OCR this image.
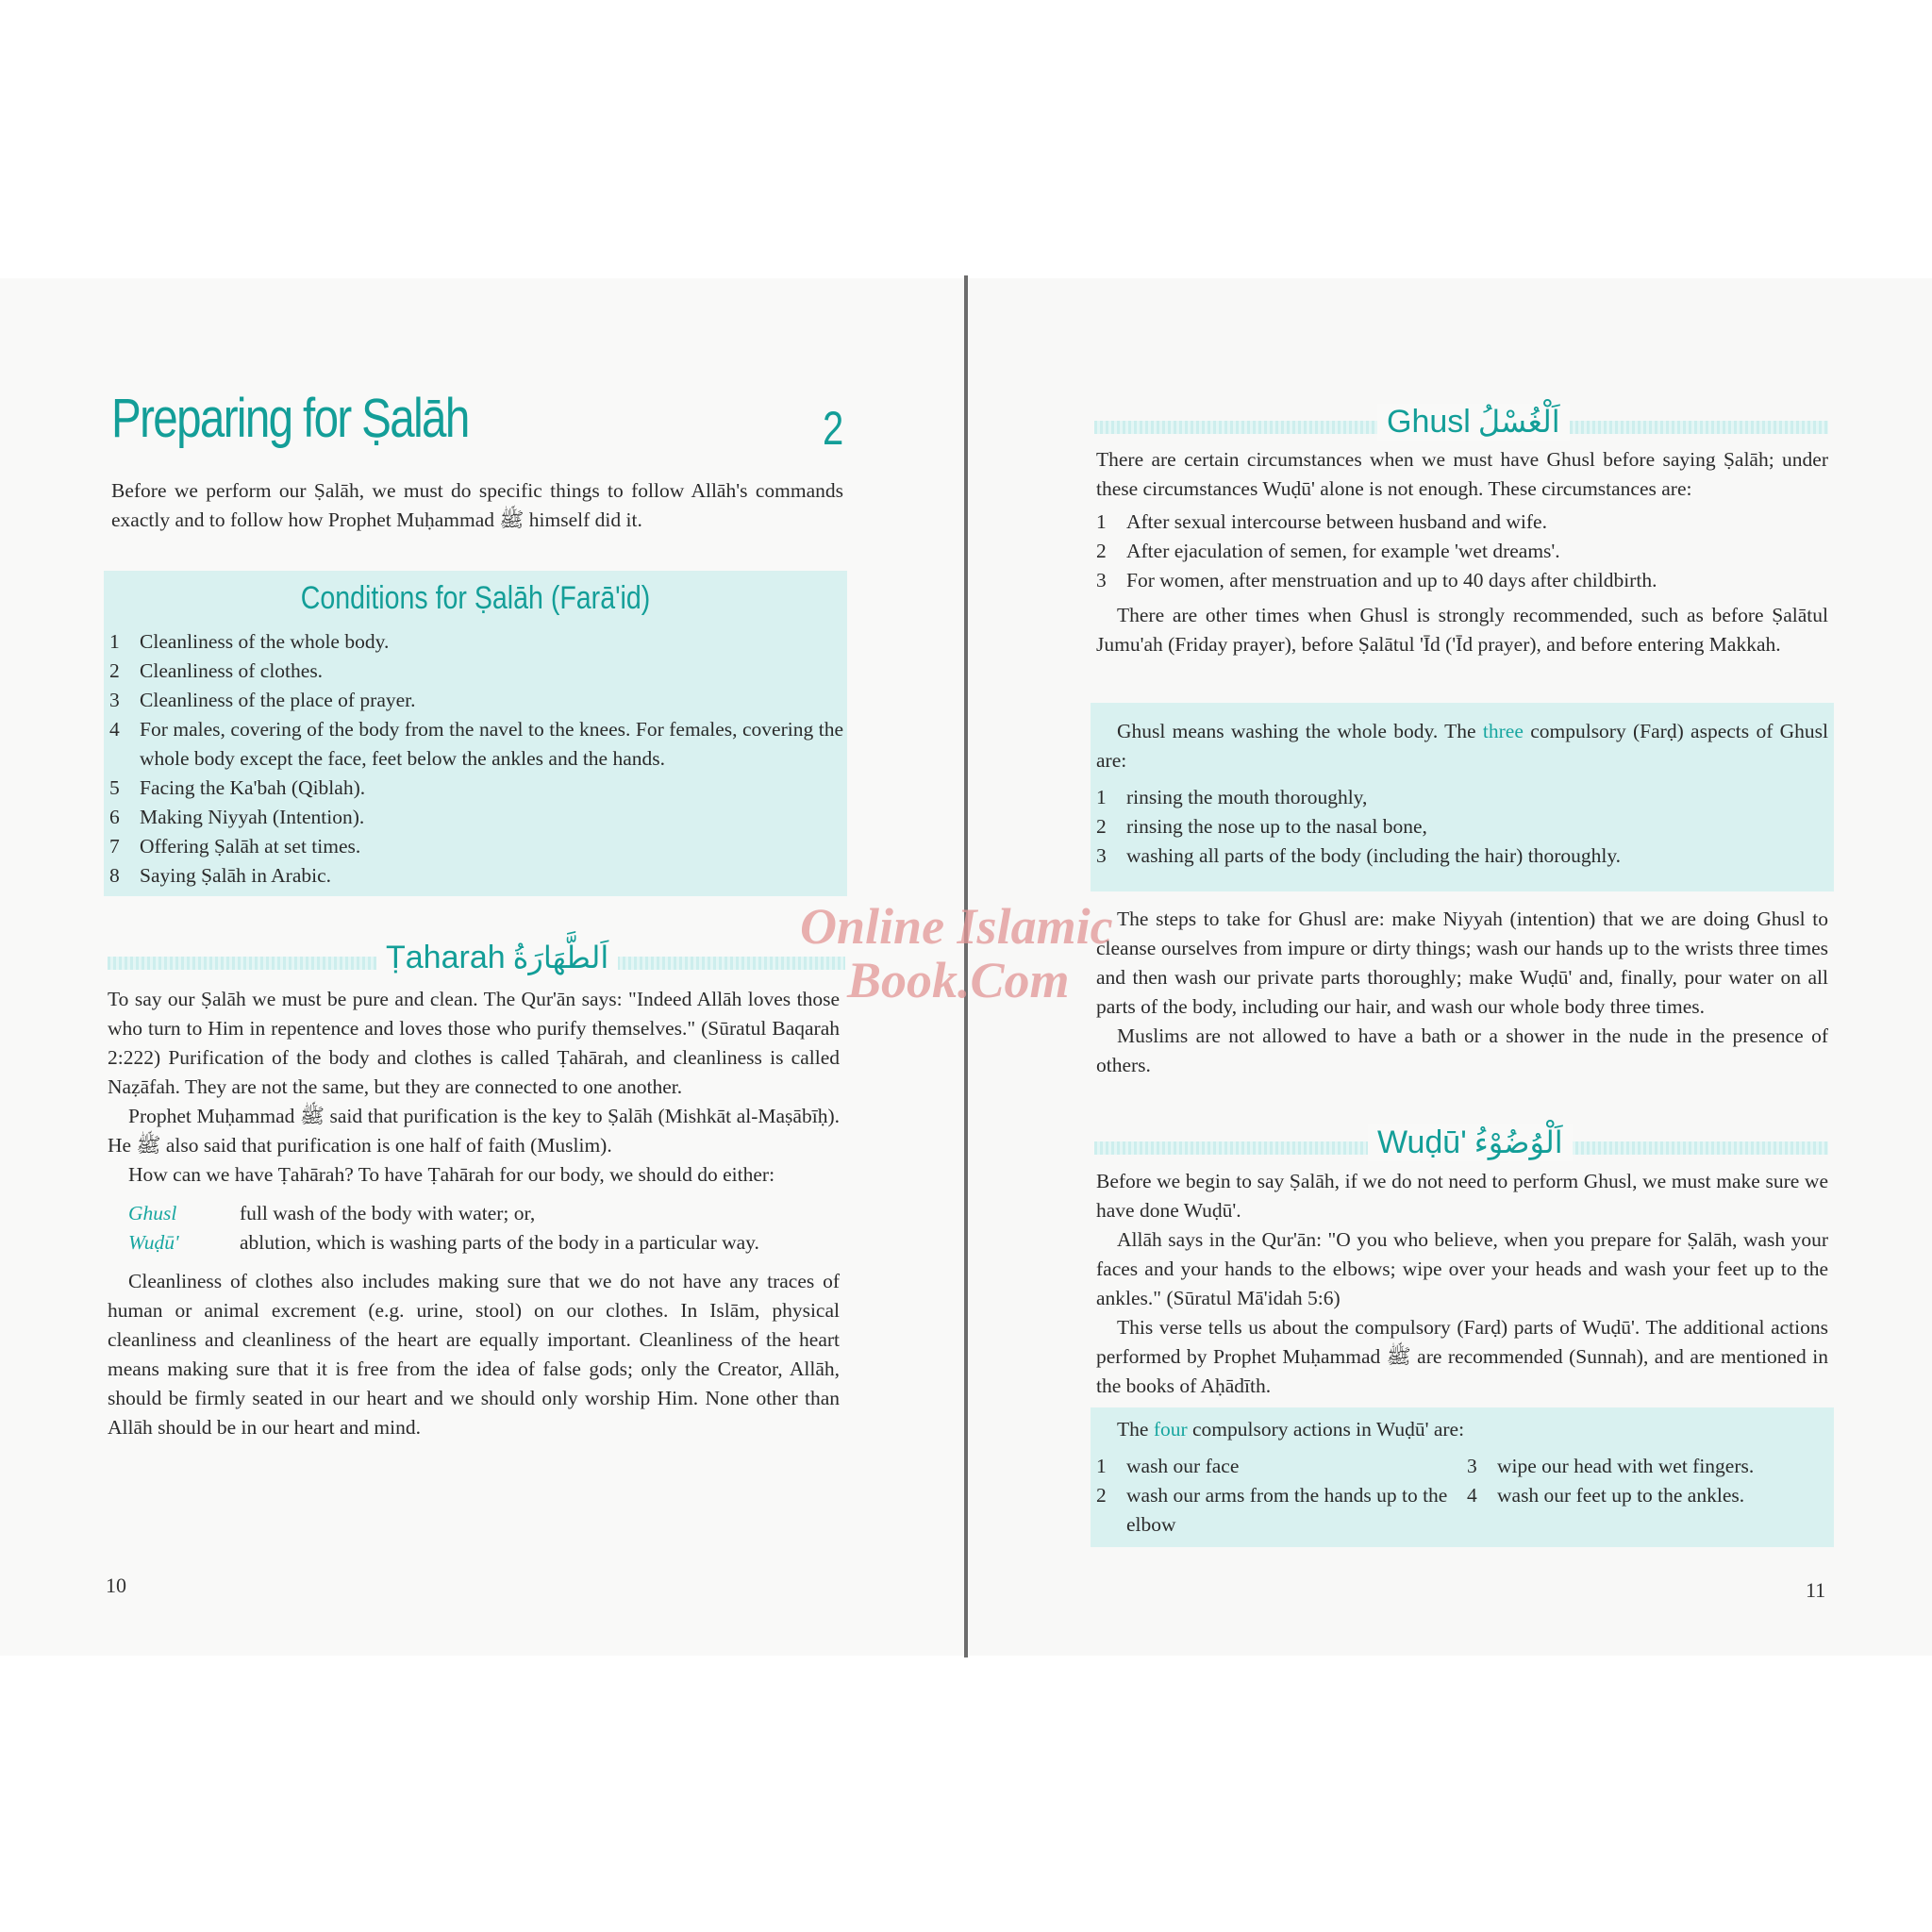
Preparing for Ṣalāh	2

Before we perform our Ṣalāh, we must do specific things to follow Allāh's commands exactly and to follow how Prophet Muḥammad ﷺ himself did it.

Conditions for Ṣalāh (Farā'id)
1 Cleanliness of the whole body.
2 Cleanliness of clothes.
3 Cleanliness of the place of prayer.
4 For males, covering of the body from the navel to the knees. For females, covering the whole body except the face, feet below the ankles and the hands.
5 Facing the Ka'bah (Qiblah).
6 Making Niyyah (Intention).
7 Offering Ṣalāh at set times.
8 Saying Ṣalāh in Arabic.
Ṭaharah اَلطَّهَارَةُ

To say our Ṣalāh we must be pure and clean. The Qur'ān says: "Indeed Allāh loves those who turn to Him in repentence and loves those who purify themselves." (Sūratul Baqarah 2:222) Purification of the body and clothes is called Ṭahārah, and cleanliness is called Naẓāfah. They are not the same, but they are connected to one another.

Prophet Muḥammad ﷺ said that purification is the key to Ṣalāh (Mishkāt al-Maṣābīḥ). He ﷺ also said that purification is one half of faith (Muslim).

How can we have Ṭahārah? To have Ṭahārah for our body, we should do either:

Ghusl	full wash of the body with water; or,
Wuḍū'	ablution, which is washing parts of the body in a particular way.

Cleanliness of clothes also includes making sure that we do not have any traces of human or animal excrement (e.g. urine, stool) on our clothes. In Islām, physical cleanliness and cleanliness of the heart are equally important. Cleanliness of the heart means making sure that it is free from the idea of false gods; only the Creator, Allāh, should be firmly seated in our heart and we should only worship Him. None other than Allāh should be in our heart and mind.

10
Ghusl اَلْغُسْلُ

There are certain circumstances when we must have Ghusl before saying Ṣalāh; under these circumstances Wuḍū' alone is not enough. These circumstances are:

1 After sexual intercourse between husband and wife.
2 After ejaculation of semen, for example 'wet dreams'.
3 For women, after menstruation and up to 40 days after childbirth.

There are other times when Ghusl is strongly recommended, such as before Ṣalātul Jumu'ah (Friday prayer), before Ṣalātul 'Īd ('Īd prayer), and before entering Makkah.

Ghusl means washing the whole body. The three compulsory (Farḍ) aspects of Ghusl are:

1 rinsing the mouth thoroughly,
2 rinsing the nose up to the nasal bone,
3 washing all parts of the body (including the hair) thoroughly.

The steps to take for Ghusl are: make Niyyah (intention) that we are doing Ghusl to cleanse ourselves from impure or dirty things; wash our hands up to the wrists three times and then wash our private parts thoroughly; make Wuḍū' and, finally, pour water on all parts of the body, including our hair, and wash our whole body three times.

Muslims are not allowed to have a bath or a shower in the nude in the presence of others.

Wuḍū' اَلْوُضُوْءُ

Before we begin to say Ṣalāh, if we do not need to perform Ghusl, we must make sure we have done Wuḍū'.

Allāh says in the Qur'ān: "O you who believe, when you prepare for Ṣalāh, wash your faces and your hands to the elbows; wipe over your heads and wash your feet up to the ankles." (Sūratul Mā'idah 5:6)

This verse tells us about the compulsory (Farḍ) parts of Wuḍū'. The additional actions performed by Prophet Muḥammad ﷺ are recommended (Sunnah), and are mentioned in the books of Aḥādīth.

The four compulsory actions in Wuḍū' are:

1 wash our face
2 wash our arms from the hands up to the elbow
3 wipe our head with wet fingers.
4 wash our feet up to the ankles.
11
Online Islamic
Book.Com
